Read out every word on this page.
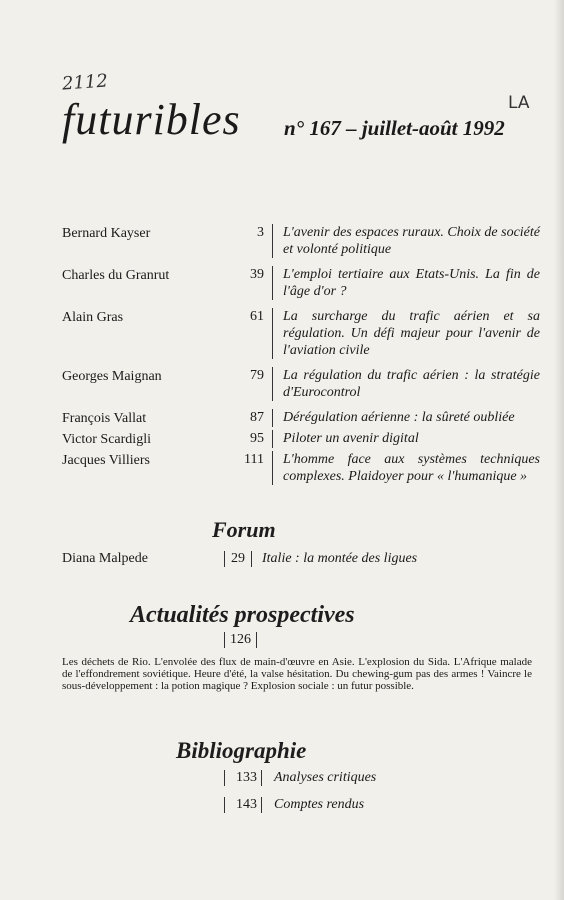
2112
LA
futuribles n° 167 – juillet-août 1992
Bernard Kayser	3	L'avenir des espaces ruraux. Choix de société et volonté politique
Charles du Granrut	39	L'emploi tertiaire aux Etats-Unis. La fin de l'âge d'or ?
Alain Gras	61	La surcharge du trafic aérien et sa régulation. Un défi majeur pour l'avenir de l'aviation civile
Georges Maignan	79	La régulation du trafic aérien : la stratégie d'Eurocontrol
François Vallat	87	Dérégulation aérienne : la sûreté oubliée
Victor Scardigli	95	Piloter un avenir digital
Jacques Villiers	111	L'homme face aux systèmes techniques complexes. Plaidoyer pour « l'humanique »
Forum
Diana Malpede	29	Italie : la montée des ligues
Actualités prospectives
126
Les déchets de Rio. L'envolée des flux de main-d'œuvre en Asie. L'explosion du Sida. L'Afrique malade de l'effondrement soviétique. Heure d'été, la valse hésitation. Du chewing-gum pas des armes ! Vaincre le sous-développement : la potion magique ? Explosion sociale : un futur possible.
Bibliographie
133	Analyses critiques
143	Comptes rendus
